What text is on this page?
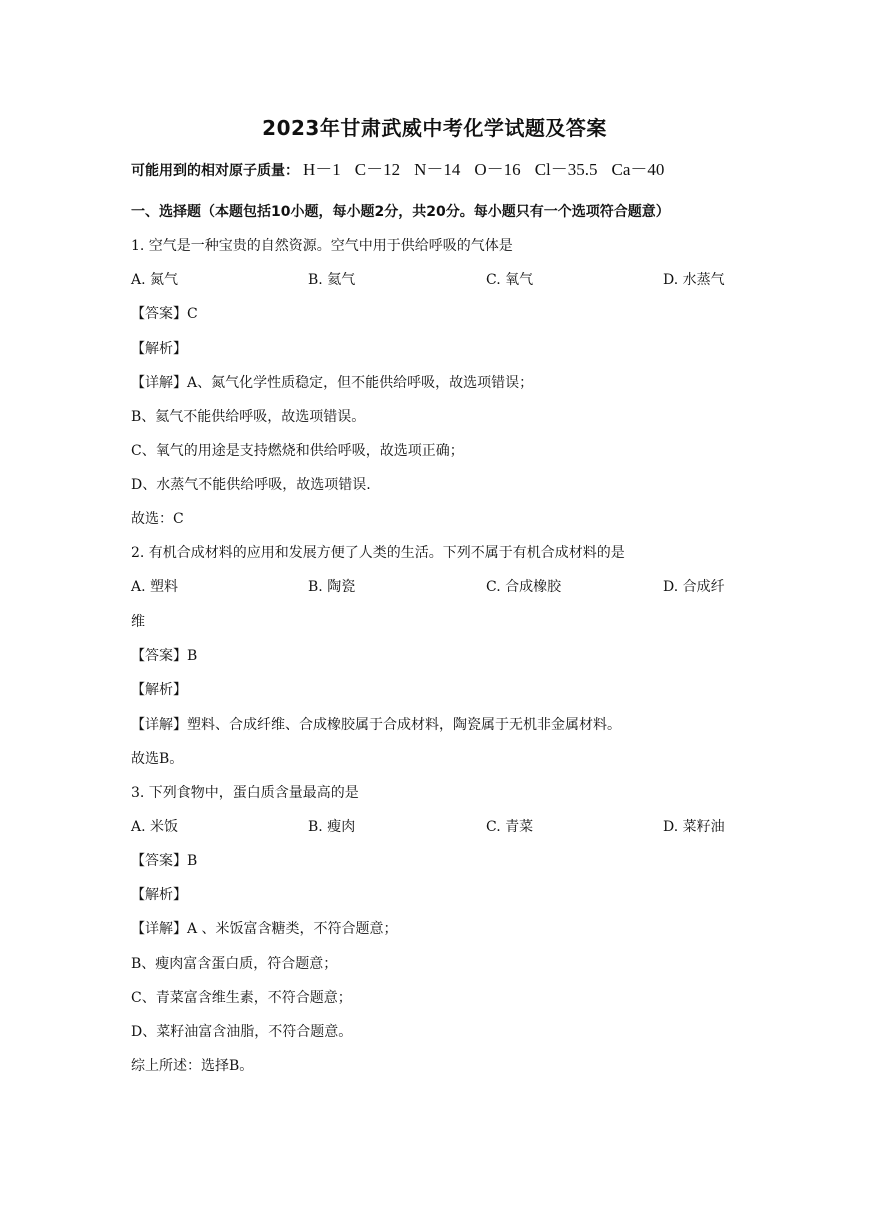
2023年甘肃武威中考化学试题及答案
可能用到的相对原子质量： H－1 C－12 N－14 O－16 Cl－35.5 Ca－40
一、选择题（本题包括10小题，每小题2分，共20分。每小题只有一个选项符合题意）
1. 空气是一种宝贵的自然资源。空气中用于供给呼吸的气体是
A. 氮气	B. 氦气	C. 氧气	D. 水蒸气
【答案】C
【解析】
【详解】A、氮气化学性质稳定，但不能供给呼吸，故选项错误；
B、氦气不能供给呼吸，故选项错误。
C、氧气的用途是支持燃烧和供给呼吸，故选项正确；
D、水蒸气不能供给呼吸，故选项错误.
故选：C
2. 有机合成材料的应用和发展方便了人类的生活。下列不属于有机合成材料的是
A. 塑料	B. 陶瓷	C. 合成橡胶	D. 合成纤
维
【答案】B
【解析】
【详解】塑料、合成纤维、合成橡胶属于合成材料，陶瓷属于无机非金属材料。
故选B。
3. 下列食物中，蛋白质含量最高的是
A. 米饭	B. 瘦肉	C. 青菜	D. 菜籽油
【答案】B
【解析】
【详解】A 、米饭富含糖类，不符合题意；
B、瘦肉富含蛋白质，符合题意；
C、青菜富含维生素，不符合题意；
D、菜籽油富含油脂，不符合题意。
综上所述：选择B。
